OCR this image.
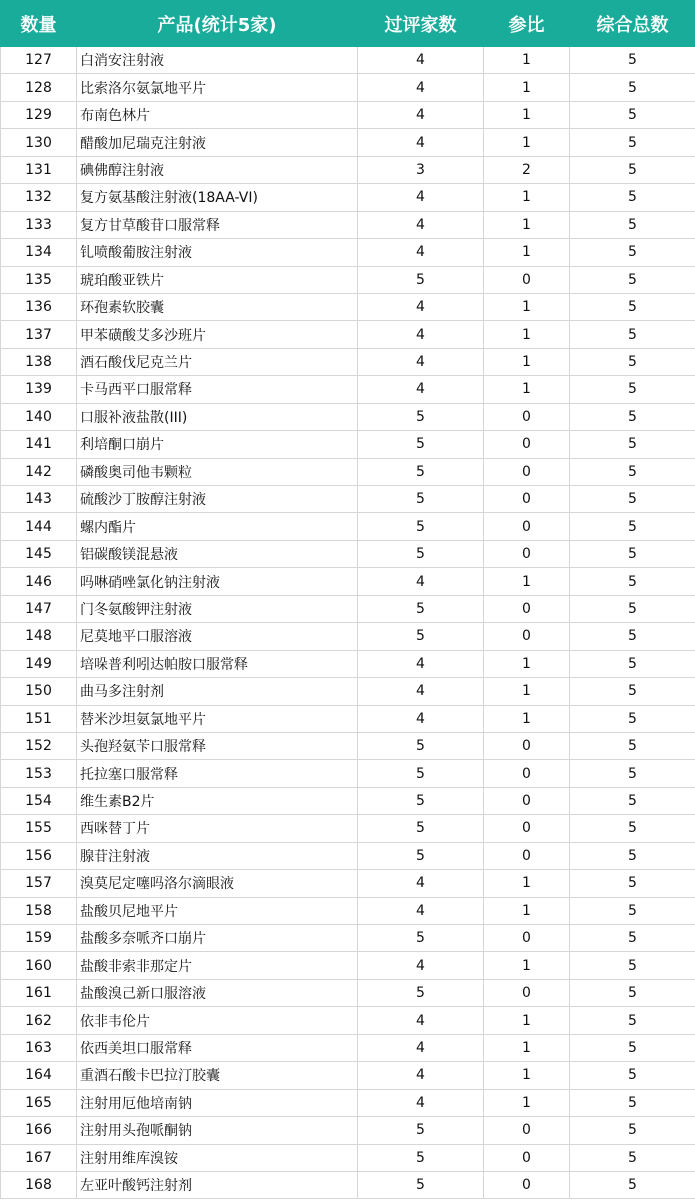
数量	产品(统计5家)	过评家数	参比	综合总数
127	白消安注射液	4	1	5
128	比索洛尔氨氯地平片	4	1	5
129	布南色林片	4	1	5
130	醋酸加尼瑞克注射液	4	1	5
131	碘佛醇注射液	3	2	5
132	复方氨基酸注射液(18AA-VI)	4	1	5
133	复方甘草酸苷口服常释	4	1	5
134	钆喷酸葡胺注射液	4	1	5
135	琥珀酸亚铁片	5	0	5
136	环孢素软胶囊	4	1	5
137	甲苯磺酸艾多沙班片	4	1	5
138	酒石酸伐尼克兰片	4	1	5
139	卡马西平口服常释	4	1	5
140	口服补液盐散(III)	5	0	5
141	利培酮口崩片	5	0	5
142	磷酸奥司他韦颗粒	5	0	5
143	硫酸沙丁胺醇注射液	5	0	5
144	螺内酯片	5	0	5
145	铝碳酸镁混悬液	5	0	5
146	吗啉硝唑氯化钠注射液	4	1	5
147	门冬氨酸钾注射液	5	0	5
148	尼莫地平口服溶液	5	0	5
149	培哚普利吲达帕胺口服常释	4	1	5
150	曲马多注射剂	4	1	5
151	替米沙坦氨氯地平片	4	1	5
152	头孢羟氨苄口服常释	5	0	5
153	托拉塞口服常释	5	0	5
154	维生素B2片	5	0	5
155	西咪替丁片	5	0	5
156	腺苷注射液	5	0	5
157	溴莫尼定噻吗洛尔滴眼液	4	1	5
158	盐酸贝尼地平片	4	1	5
159	盐酸多奈哌齐口崩片	5	0	5
160	盐酸非索非那定片	4	1	5
161	盐酸溴己新口服溶液	5	0	5
162	依非韦伦片	4	1	5
163	依西美坦口服常释	4	1	5
164	重酒石酸卡巴拉汀胶囊	4	1	5
165	注射用厄他培南钠	4	1	5
166	注射用头孢哌酮钠	5	0	5
167	注射用维库溴铵	5	0	5
168	左亚叶酸钙注射剂	5	0	5
